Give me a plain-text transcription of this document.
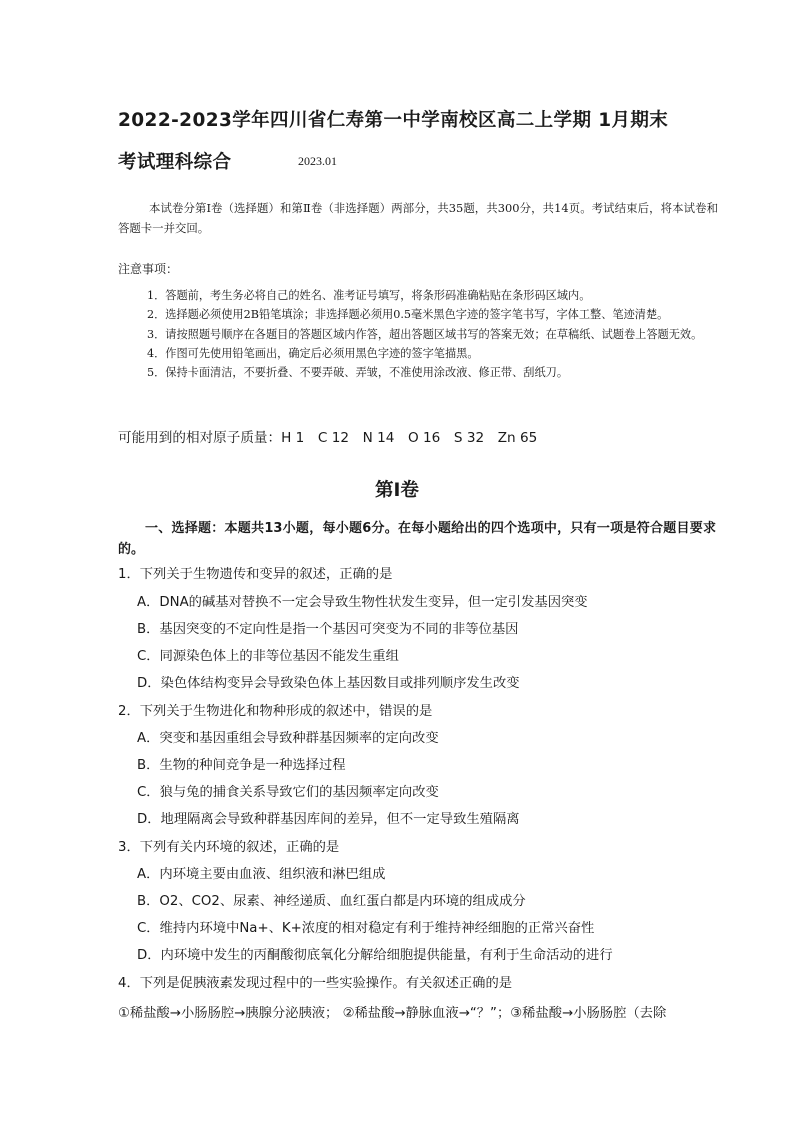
2022-2023学年四川省仁寿第一中学南校区高二上学期 1月期末
考试理科综合	2023.01
本试卷分第Ⅰ卷（选择题）和第Ⅱ卷（非选择题）两部分，共35题，共300分，共14页。考试结束后，将本试卷和答题卡一并交回。
注意事项：

1．答题前，考生务必将自己的姓名、准考证号填写，将条形码准确粘贴在条形码区域内。

2．选择题必须使用2B铅笔填涂；非选择题必须用0.5毫米黑色字迹的签字笔书写，字体工整、笔迹清楚。

3．请按照题号顺序在各题目的答题区域内作答，超出答题区域书写的答案无效；在草稿纸、试题卷上答题无效。

4．作图可先使用铅笔画出，确定后必须用黑色字迹的签字笔描黑。

5．保持卡面清洁，不要折叠、不要弄破、弄皱，不准使用涂改液、修正带、刮纸刀。

可能用到的相对原子质量：H 1　C 12　N 14　O 16　S 32　Zn 65
第Ⅰ卷
一、选择题：本题共13小题，每小题6分。在每小题给出的四个选项中，只有一项是符合题目要求的。
1．下列关于生物遗传和变异的叙述，正确的是
A．DNA的碱基对替换不一定会导致生物性状发生变异，但一定引发基因突变
B．基因突变的不定向性是指一个基因可突变为不同的非等位基因
C．同源染色体上的非等位基因不能发生重组
D．染色体结构变异会导致染色体上基因数目或排列顺序发生改变
2．下列关于生物进化和物种形成的叙述中，错误的是
A．突变和基因重组会导致种群基因频率的定向改变
B．生物的种间竞争是一种选择过程
C．狼与兔的捕食关系导致它们的基因频率定向改变
D．地理隔离会导致种群基因库间的差异，但不一定导致生殖隔离
3．下列有关内环境的叙述，正确的是
A．内环境主要由血液、组织液和淋巴组成
B．O2、CO2、尿素、神经递质、血红蛋白都是内环境的组成成分
C．维持内环境中Na+、K+浓度的相对稳定有利于维持神经细胞的正常兴奋性
D．内环境中发生的丙酮酸彻底氧化分解给细胞提供能量，有利于生命活动的进行
4．下列是促胰液素发现过程中的一些实验操作。有关叙述正确的是
①稀盐酸→小肠肠腔→胰腺分泌胰液； ②稀盐酸→静脉血液→“？”；③稀盐酸→小肠肠腔（去除
